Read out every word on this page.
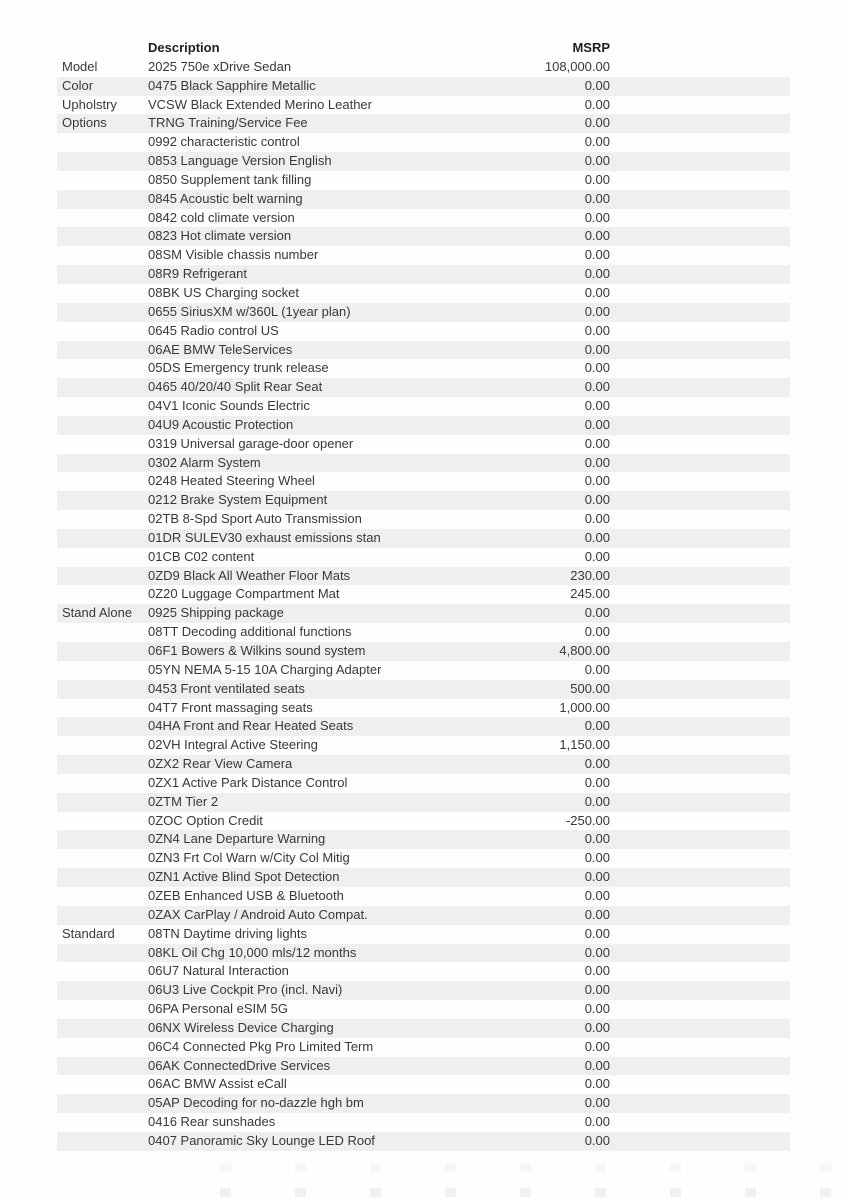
Description	MSRP
Model	2025 750e xDrive Sedan	108,000.00
Color	0475 Black Sapphire Metallic	0.00
Upholstry	VCSW Black Extended Merino Leather	0.00
Options	TRNG Training/Service Fee	0.00
0992 characteristic control	0.00
0853 Language Version English	0.00
0850 Supplement tank filling	0.00
0845 Acoustic belt warning	0.00
0842 cold climate version	0.00
0823 Hot climate version	0.00
08SM Visible chassis number	0.00
08R9 Refrigerant	0.00
08BK US Charging socket	0.00
0655 SiriusXM w/360L (1year plan)	0.00
0645 Radio control US	0.00
06AE BMW TeleServices	0.00
05DS Emergency trunk release	0.00
0465 40/20/40 Split Rear Seat	0.00
04V1 Iconic Sounds Electric	0.00
04U9 Acoustic Protection	0.00
0319 Universal garage-door opener	0.00
0302 Alarm System	0.00
0248 Heated Steering Wheel	0.00
0212 Brake System Equipment	0.00
02TB 8-Spd Sport Auto Transmission	0.00
01DR SULEV30 exhaust emissions stan	0.00
01CB C02 content	0.00
0ZD9 Black All Weather Floor Mats	230.00
0Z20 Luggage Compartment Mat	245.00
Stand Alone	0925 Shipping package	0.00
08TT Decoding additional functions	0.00
06F1 Bowers & Wilkins sound system	4,800.00
05YN NEMA 5-15 10A Charging Adapter	0.00
0453 Front ventilated seats	500.00
04T7 Front massaging seats	1,000.00
04HA Front and Rear Heated Seats	0.00
02VH Integral Active Steering	1,150.00
0ZX2 Rear View Camera	0.00
0ZX1 Active Park Distance Control	0.00
0ZTM Tier 2	0.00
0ZOC Option Credit	-250.00
0ZN4 Lane Departure Warning	0.00
0ZN3 Frt Col Warn w/City Col Mitig	0.00
0ZN1 Active Blind Spot Detection	0.00
0ZEB Enhanced USB & Bluetooth	0.00
0ZAX CarPlay / Android Auto Compat.	0.00
Standard	08TN Daytime driving lights	0.00
08KL Oil Chg 10,000 mls/12 months	0.00
06U7 Natural Interaction	0.00
06U3 Live Cockpit Pro (incl. Navi)	0.00
06PA Personal eSIM 5G	0.00
06NX Wireless Device Charging	0.00
06C4 Connected Pkg Pro Limited Term	0.00
06AK ConnectedDrive Services	0.00
06AC BMW Assist eCall	0.00
05AP Decoding for no-dazzle hgh bm	0.00
0416 Rear sunshades	0.00
0407 Panoramic Sky Lounge LED Roof	0.00
